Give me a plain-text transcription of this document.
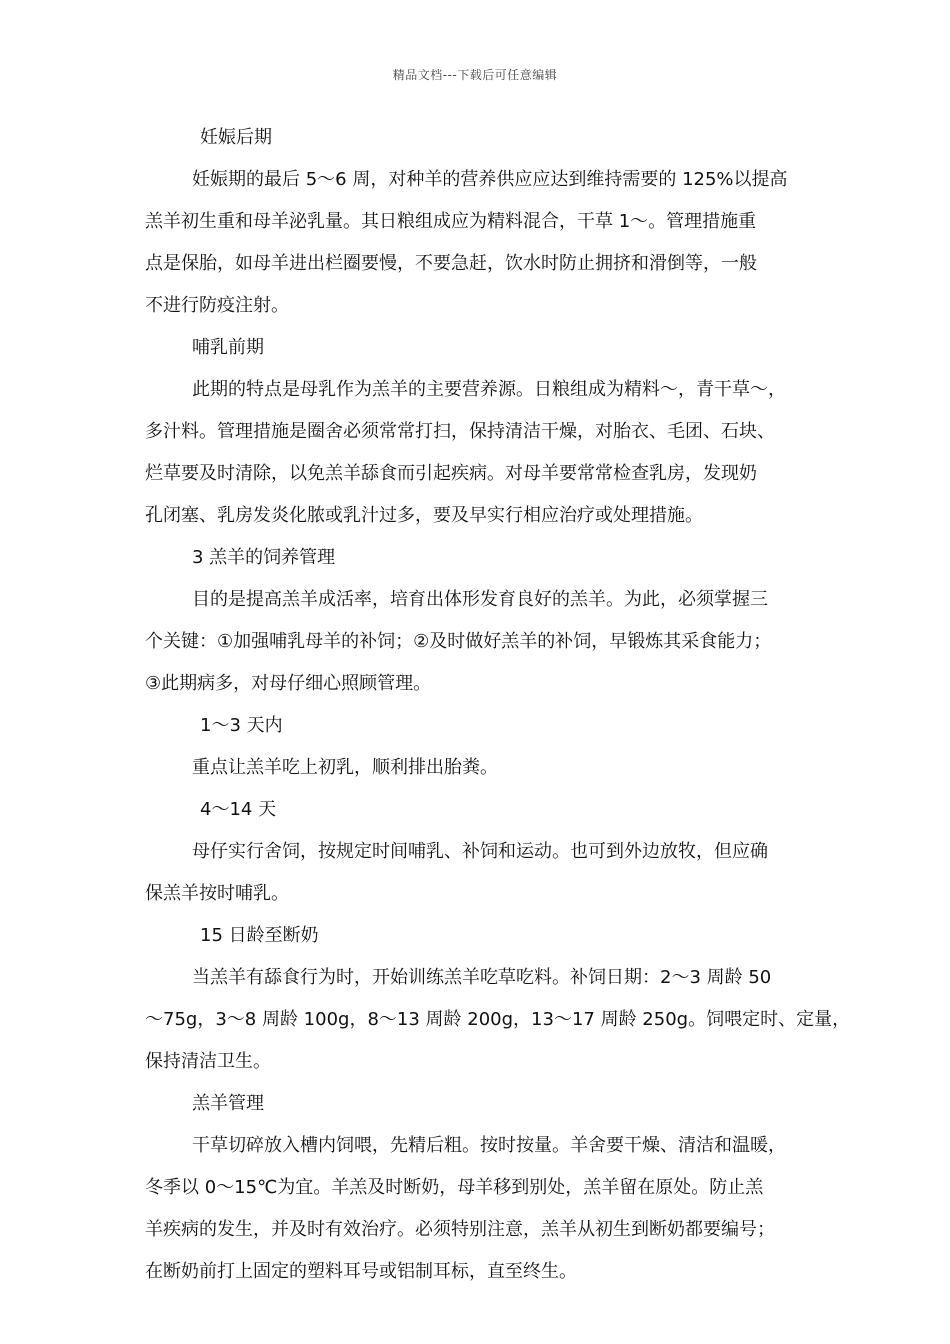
精品文档---下载后可任意编辑
妊娠后期
妊娠期的最后 5～6 周，对种羊的营养供应应达到维持需要的 125%以提高
羔羊初生重和母羊泌乳量。其日粮组成应为精料混合，干草 1～。管理措施重
点是保胎，如母羊进出栏圈要慢，不要急赶，饮水时防止拥挤和滑倒等，一般
不进行防疫注射。
哺乳前期
此期的特点是母乳作为羔羊的主要营养源。日粮组成为精料～，青干草～，
多汁料。管理措施是圈舍必须常常打扫，保持清洁干燥，对胎衣、毛团、石块、
烂草要及时清除，以免羔羊舔食而引起疾病。对母羊要常常检查乳房，发现奶
孔闭塞、乳房发炎化脓或乳汁过多，要及早实行相应治疗或处理措施。
3 羔羊的饲养管理
目的是提高羔羊成活率，培育出体形发育良好的羔羊。为此，必须掌握三
个关键：①加强哺乳母羊的补饲；②及时做好羔羊的补饲，早锻炼其采食能力；
③此期病多，对母仔细心照顾管理。
1～3 天内
重点让羔羊吃上初乳，顺利排出胎粪。
4～14 天
母仔实行舍饲，按规定时间哺乳、补饲和运动。也可到外边放牧，但应确
保羔羊按时哺乳。
15 日龄至断奶
当羔羊有舔食行为时，开始训练羔羊吃草吃料。补饲日期：2～3 周龄 50
～75g，3～8 周龄 100g，8～13 周龄 200g，13～17 周龄 250g。饲喂定时、定量，
保持清洁卫生。
羔羊管理
干草切碎放入槽内饲喂，先精后粗。按时按量。羊舍要干燥、清洁和温暖，
冬季以 0～15℃为宜。羊羔及时断奶，母羊移到别处，羔羊留在原处。防止羔
羊疾病的发生，并及时有效治疗。必须特别注意，羔羊从初生到断奶都要编号；
在断奶前打上固定的塑料耳号或铝制耳标，直至终生。
